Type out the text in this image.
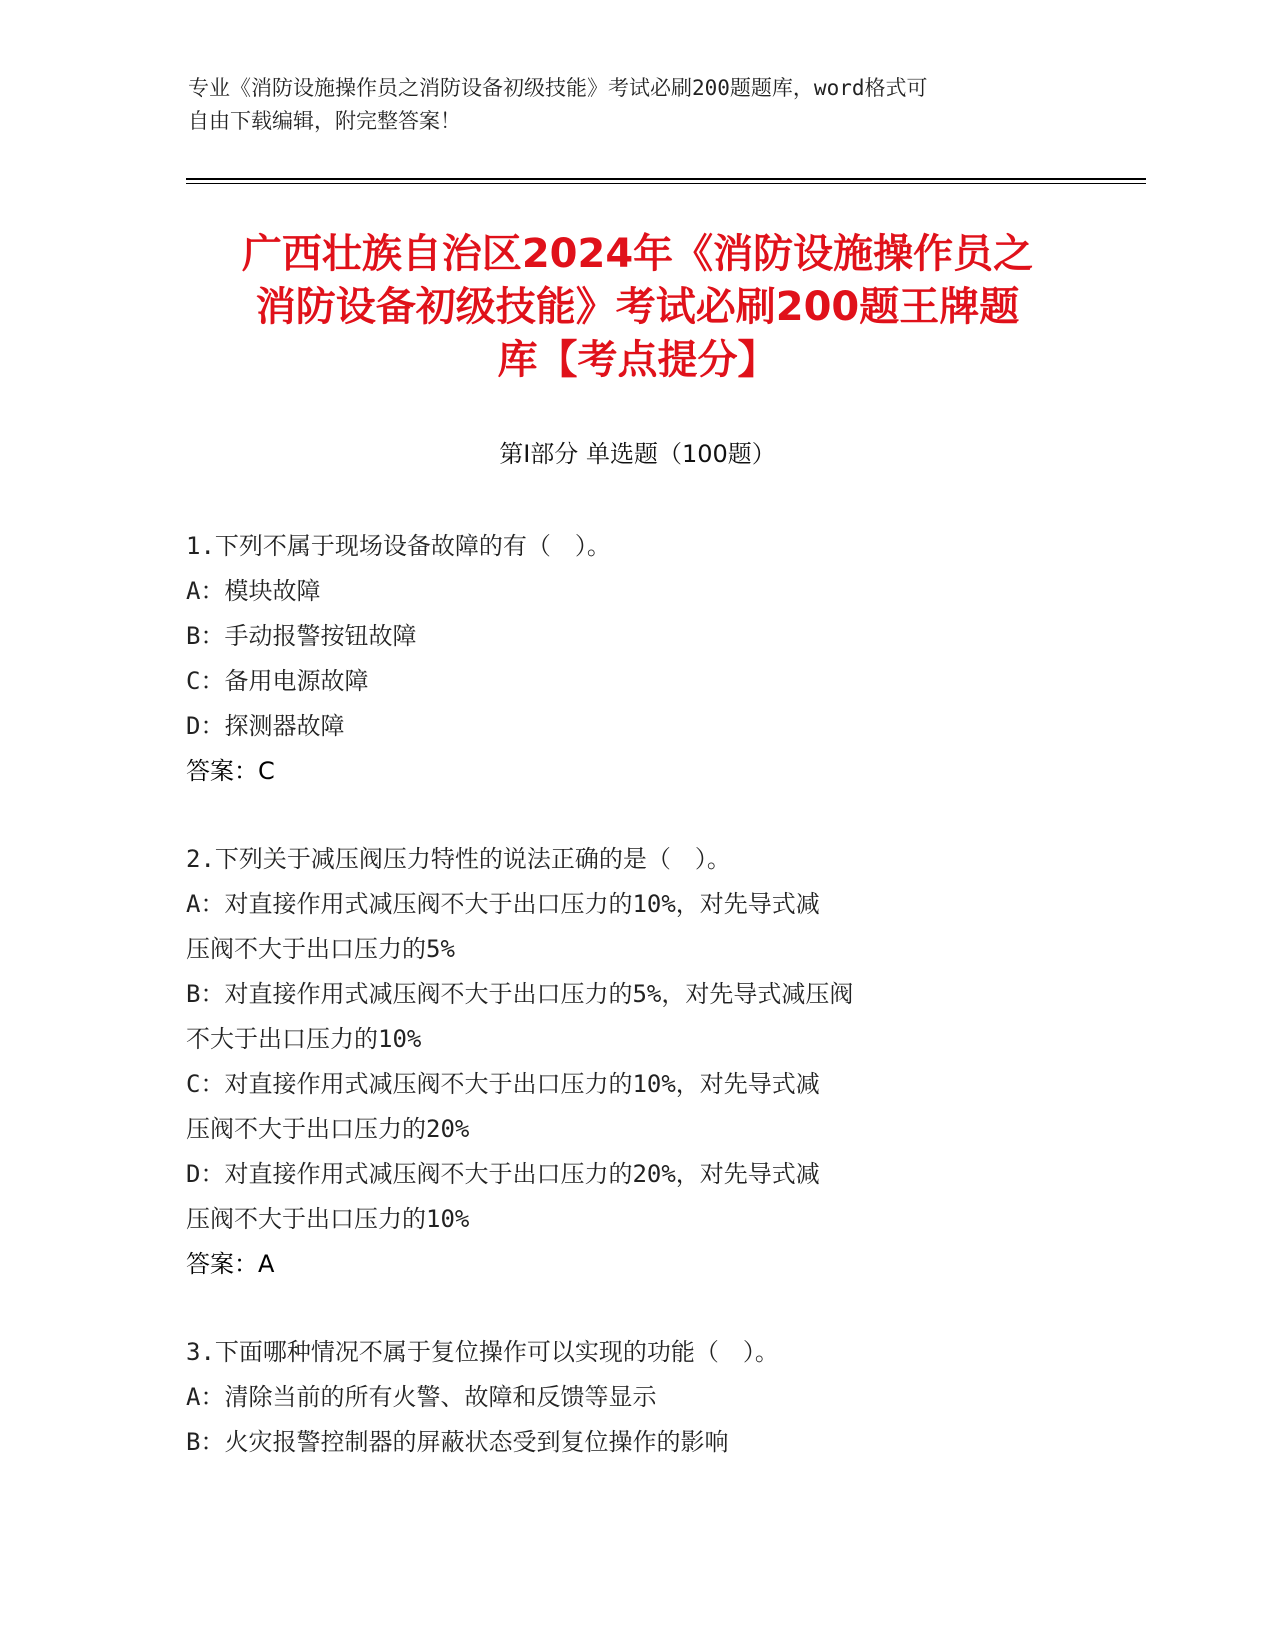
专业《消防设施操作员之消防设备初级技能》考试必刷200题题库，word格式可

自由下载编辑，附完整答案！

广西壮族自治区2024年《消防设施操作员之
消防设备初级技能》考试必刷200题王牌题
库【考点提分】
第Ⅰ部分 单选题（100题）
1.下列不属于现场设备故障的有（　）。
A：模块故障
B：手动报警按钮故障
C：备用电源故障
D：探测器故障
答案：C
2.下列关于减压阀压力特性的说法正确的是（　）。
A：对直接作用式减压阀不大于出口压力的10%，对先导式减
压阀不大于出口压力的5%
B：对直接作用式减压阀不大于出口压力的5%，对先导式减压阀
不大于出口压力的10%
C：对直接作用式减压阀不大于出口压力的10%，对先导式减
压阀不大于出口压力的20%
D：对直接作用式减压阀不大于出口压力的20%，对先导式减
压阀不大于出口压力的10%
答案：A
3.下面哪种情况不属于复位操作可以实现的功能（　）。
A：清除当前的所有火警、故障和反馈等显示
B：火灾报警控制器的屏蔽状态受到复位操作的影响
